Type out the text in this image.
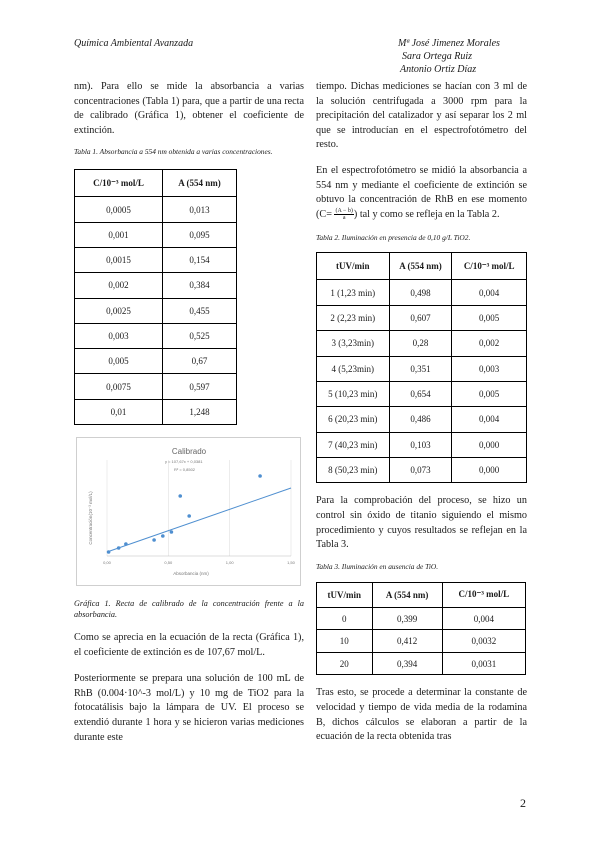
Química Ambiental Avanzada	Mª José Jimenez Morales
Sara Ortega Ruiz
Antonio Ortiz Díaz

nm). Para ello se mide la absorbancia a varias concentraciones (Tabla 1) para, que a partir de una recta de calibrado (Gráfica 1), obtener el coeficiente de extinción.

Tabla 1. Absorbancia a 554 nm obtenida a varias concentraciones.

C/10⁻³ mol/L	A (554 nm)
0,0005	0,013
0,001	0,095
0,0015	0,154
0,002	0,384
0,0025	0,455
0,003	0,525
0,005	0,67
0,0075	0,597
0,01	1,248
Calibrado
0,00	0,50	1,00	1,50
y = 107,67x + 0,0381
R² = 0,8502
Absorbancia (nm)
Concentración(10⁻³ mol/L)

Gráfica 1. Recta de calibrado de la concentración frente a la absorbancia.

Como se aprecia en la ecuación de la recta (Gráfica 1), el coeficiente de extinción es de 107,67 mol/L.

Posteriormente se prepara una solución de 100 mL de RhB (0.004·10^-3 mol/L) y 10 mg de TiO2 para la fotocatálisis bajo la lámpara de UV. El proceso se extendió durante 1 hora y se hicieron varias mediciones durante este

tiempo. Dichas mediciones se hacían con 3 ml de la solución centrifugada a 3000 rpm para la precipitación del catalizador y así separar los 2 ml que se introducían en el espectrofotómetro del resto.

En el espectrofotómetro se midió la absorbancia a 554 nm y mediante el coeficiente de extinción se obtuvo la concentración de RhB en ese momento ($C= \frac{(A - b)}{a}$ ) tal y como se refleja en la Tabla 2.

Tabla 2. Iluminación en presencia de 0,10 g/L TiO2.

tUV/min	A (554 nm)	C/10⁻³ mol/L
1 (1,23 min)	0,498	0,004
2 (2,23 min)	0,607	0,005
3 (3,23min)	0,28	0,002
4 (5,23min)	0,351	0,003
5 (10,23 min)	0,654	0,005
6 (20,23 min)	0,486	0,004
7 (40,23 min)	0,103	0,000
8 (50,23 min)	0,073	0,000

Para la comprobación del proceso, se hizo un control sin óxido de titanio siguiendo el mismo procedimiento y cuyos resultados se reflejan en la Tabla 3.

Tabla 3. Iluminación en ausencia de TiO.

tUV/min	A (554 nm)	C/10⁻³ mol/L
0	0,399	0,004
10	0,412	0,0032
20	0,394	0,0031

Tras esto, se procede a determinar la constante de velocidad y tiempo de vida media de la rodamina B, dichos cálculos se elaboran a partir de la ecuación de la recta obtenida tras

2
